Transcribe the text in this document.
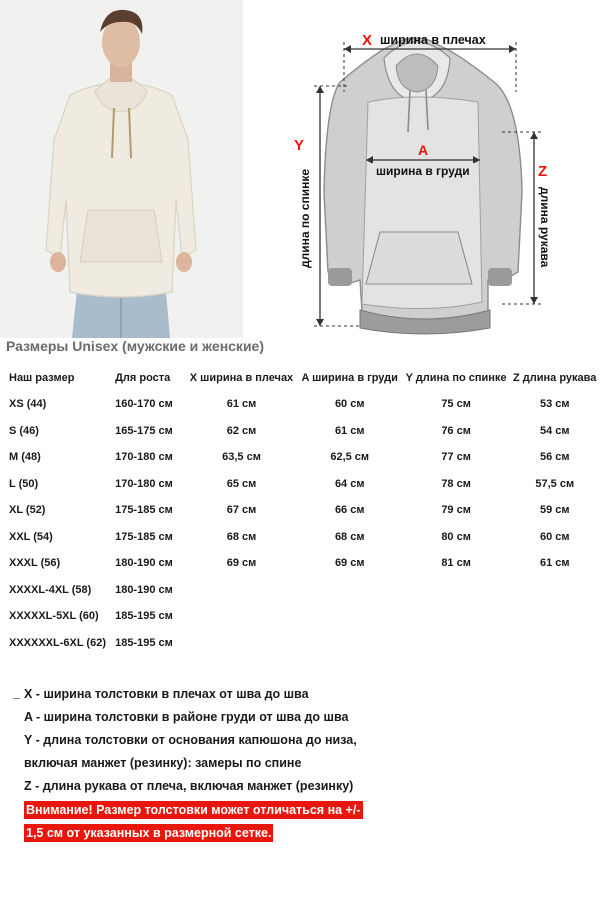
X ширина в плечах
A
ширина в груди
Y
длина по спинке	Z
длина рукава
Размеры Unisex (мужские и женские)
Наш размер	Для роста	X ширина в плечах	A ширина в груди	Y длина по спинке	Z длина рукава
XS (44)	160-170 см	61 см	60 см	75 см	53 см
S (46)	165-175 см	62 см	61 см	76 см	54 см
M (48)	170-180 см	63,5 см	62,5 см	77 см	56 см
L (50)	170-180 см	65 см	64 см	78 см	57,5 см
XL (52)	175-185 см	67 см	66 см	79 см	59 см
XXL (54)	175-185 см	68 см	68 см	80 см	60 см
XXXL (56)	180-190 см	69 см	69 см	81 см	61 см
XXXXL-4XL (58)	180-190 см				
XXXXXL-5XL (60)	185-195 см				
XXXXXXL-6XL (62)	185-195 см				
_ X - ширина толстовки в плечах от шва до шва
A - ширина толстовки в районе груди от шва до шва
Y - длина толстовки от основания капюшона до низа,
включая манжет (резинку): замеры по спине
Z - длина рукава от плеча, включая манжет (резинку)
Внимание! Размер толстовки может отличаться на +/-
1,5 см от указанных в размерной сетке.
